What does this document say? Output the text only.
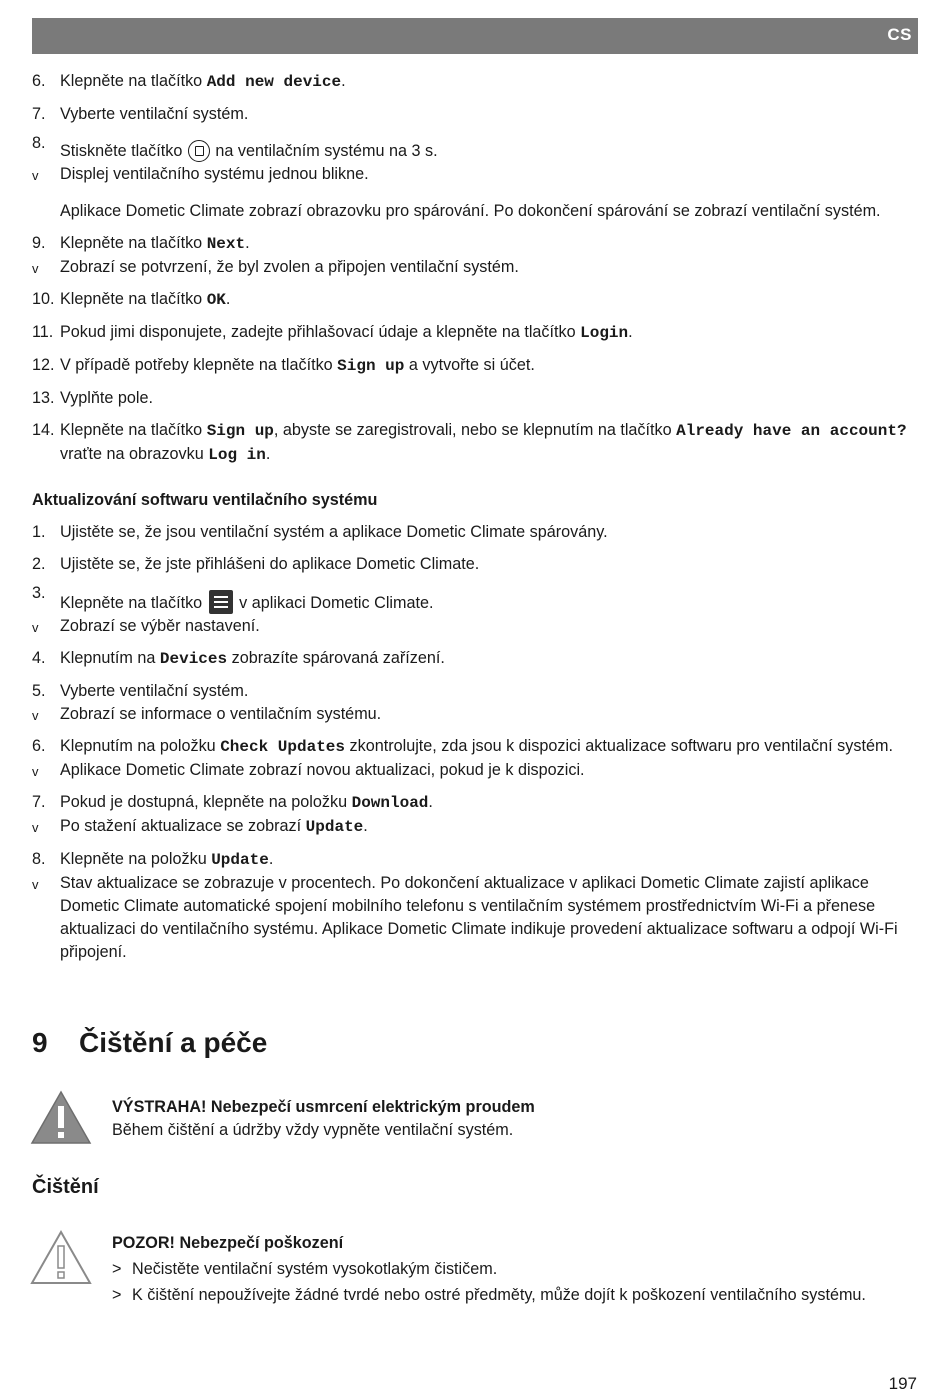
CS
6. Klepněte na tlačítko Add new device.
7. Vyberte ventilační systém.
8. Stiskněte tlačítko  na ventilačním systému na 3 s.
v Displej ventilačního systému jednou blikne.
Aplikace Dometic Climate zobrazí obrazovku pro spárování. Po dokončení spárování se zobrazí ventilační systém.
9. Klepněte na tlačítko Next.
v Zobrazí se potvrzení, že byl zvolen a připojen ventilační systém.
10. Klepněte na tlačítko OK.
11. Pokud jimi disponujete, zadejte přihlašovací údaje a klepněte na tlačítko Login.
12. V případě potřeby klepněte na tlačítko Sign up a vytvořte si účet.
13. Vyplňte pole.
14. Klepněte na tlačítko Sign up, abyste se zaregistrovali, nebo se klepnutím na tlačítko Already have an account? vraťte na obrazovku Log in.
Aktualizování softwaru ventilačního systému
1. Ujistěte se, že jsou ventilační systém a aplikace Dometic Climate spárovány.
2. Ujistěte se, že jste přihlášeni do aplikace Dometic Climate.
3.
Klepněte na tlačítko
v aplikaci Dometic Climate.
v Zobrazí se výběr nastavení.
4. Klepnutím na Devices zobrazíte spárovaná zařízení.
5. Vyberte ventilační systém.
v Zobrazí se informace o ventilačním systému.
6. Klepnutím na položku Check Updates zkontrolujte, zda jsou k dispozici aktualizace softwaru pro ventilační systém.
v Aplikace Dometic Climate zobrazí novou aktualizaci, pokud je k dispozici.
7. Pokud je dostupná, klepněte na položku Download.
v Po stažení aktualizace se zobrazí Update.
8. Klepněte na položku Update.
v Stav aktualizace se zobrazuje v procentech. Po dokončení aktualizace v aplikaci Dometic Climate zajistí aplikace Dometic Climate automatické spojení mobilního telefonu s ventilačním systémem prostřednictvím Wi-Fi a přenese aktualizaci do ventilačního systému. Aplikace Dometic Climate indikuje provedení aktualizace softwaru a odpojí Wi-Fi připojení.
9 Čištění a péče
VÝSTRAHA! Nebezpečí usmrcení elektrickým proudem
Během čištění a údržby vždy vypněte ventilační systém.
Čištění
POZOR! Nebezpečí poškození
> Nečistěte ventilační systém vysokotlakým čističem.
> K čištění nepoužívejte žádné tvrdé nebo ostré předměty, může dojít k poškození ventilačního systému.
197
